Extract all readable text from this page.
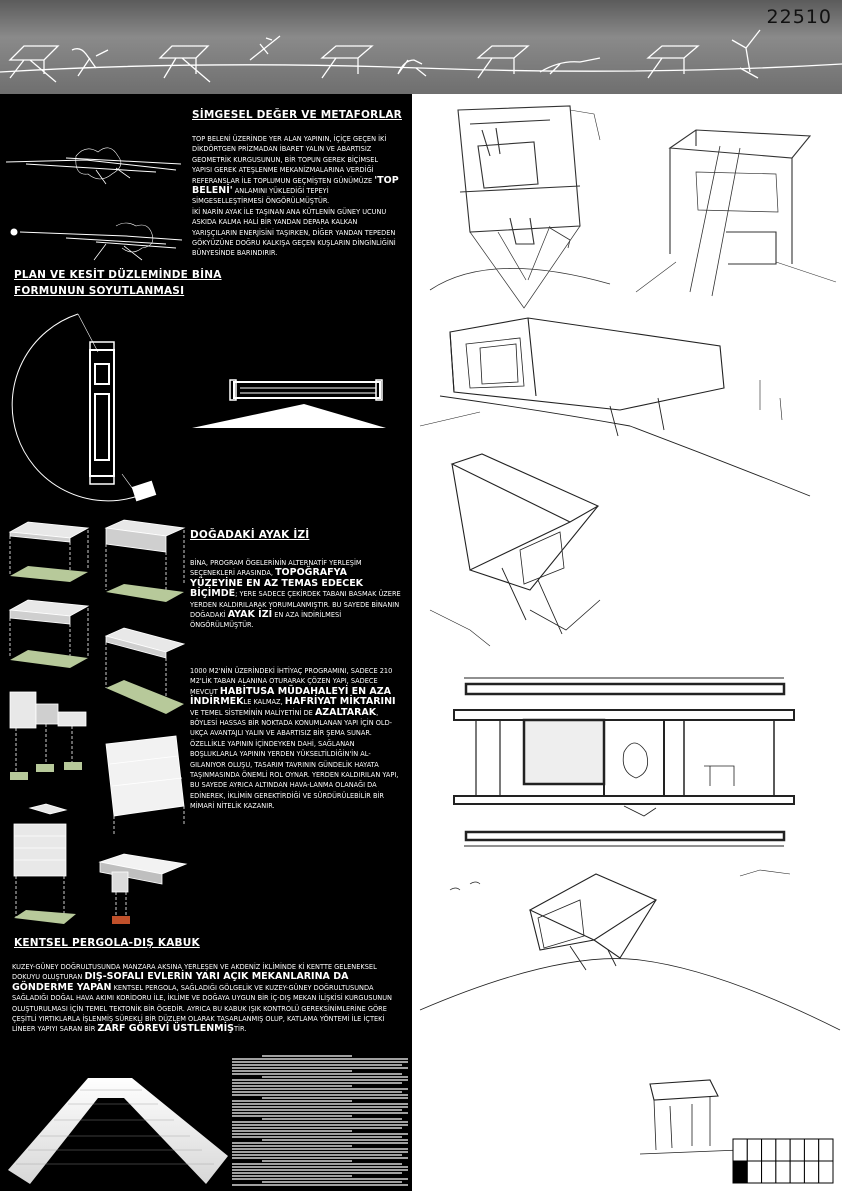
22510
SİMGESEL DEĞER VE METAFORLAR
TOP BELENİ ÜZERİNDE YER ALAN YAPININ, İÇİÇE GEÇEN İKİ DİKDÖRTGEN PRİZMADAN İBARET YALIN VE ABARTISIZ GEOMETRİK KURGUSUNUN, BİR TOPUN GEREK BİÇİMSEL YAPISI GEREK ATEŞLENME MEKANİZMALARINA VERDİĞİ REFERANSLAR İLE TOPLUMUN GEÇMİŞTEN GÜNÜMÜZE 'TOP BELENİ' ANLAMINI YÜKLEDİĞİ TEPEYİ SİMGESELLEŞTİRMESİ ÖNGÖRÜLMÜŞTÜR.
İKİ NARİN AYAK İLE TAŞINAN ANA KÜTLENİN GÜNEY UCUNU ASKIDA KALMA HALİ BİR YANDAN DEPARA KALKAN YARIŞÇILARIN ENERJİSİNİ TAŞIRKEN, DİĞER YANDAN TEPEDEN GÖKYÜZÜNE DOĞRU KALKIŞA GEÇEN KUŞLARIN DİNGİNLİĞİNİ BÜNYESİNDE BARINDIRIR.
PLAN VE KESİT DÜZLEMİNDE BİNA
FORMUNUN SOYUTLANMASI
DOĞADAKİ AYAK İZİ
BİNA, PROGRAM ÖGELERİNİN ALTERNATİF YERLEŞİM SEÇENEKLERİ ARASINDA, TOPOĞRAFYA YÜZEYİNE EN AZ TEMAS EDECEK BİÇİMDE; YERE SADECE ÇEKİRDEK TABANI BASMAK ÜZERE YERDEN KALDIRILARAK YORUMLANMIŞTIR. BU SAYEDE BİNANIN DOĞADAKİ AYAK İZİ EN AZA İNDİRİLMESİ ÖNGÖRÜLMÜŞTÜR.
1000 M2'NİN ÜZERİNDEKİ İHTİYAÇ PROGRAMINI, SADECE 210 M2'LİK TABAN ALANINA OTURARAK ÇÖZEN YAPI, SADECE MEVCUT HABİTUSA MÜDAHALEYİ EN AZA İNDİRMEKLE KALMAZ, HAFRİYAT MİKTARINI VE TEMEL SİSTEMİNİN MALİYETİNİ DE AZALTARAK, BÖYLESİ HASSAS BİR NOKTADA KONUMLANAN YAPI İÇİN OLD-UKÇA AVANTAJLI YALIN VE ABARTISIZ BİR ŞEMA SUNAR. ÖZELLİKLE YAPININ İÇİNDEYKEN DAHİ, SAĞLANAN BOŞLUKLARLA YAPININ YERDEN YÜKSELTİLDİĞİN'İN AL-GILANIYOR OLUŞU, TASARIM TAVRININ GÜNDELİK HAYATA TAŞINMASINDA ÖNEMLİ ROL OYNAR. YERDEN KALDIRILAN YAPI, BU SAYEDE AYRICA ALTINDAN HAVA-LANMA OLANAĞI DA EDİNEREK, İKLİMİN GEREKTİRDİĞİ VE SÜRDÜRÜLEBİLİR BİR MİMARİ NİTELİK KAZANIR.
KENTSEL PERGOLA-DIŞ KABUK
KUZEY-GÜNEY DOĞRULTUSUNDA MANZARA AKSINA YERLEŞEN VE AKDENİZ İKLİMİNDE Kİ KENTTE GELENEKSEL DOKUYU OLUŞTURAN DIŞ-SOFALI EVLERİN YARI AÇIK MEKANLARINA DA GÖNDERME YAPAN KENTSEL PERGOLA, SAĞLADIĞI GÖLGELİK VE KUZEY-GÜNEY DOĞRULTUSUNDA SAĞLADIĞI DOĞAL HAVA AKIMI KORİDORU İLE, İKLİME VE DOĞAYA UYGUN BİR İÇ-DIŞ MEKAN İLİŞKİSİ KURGUSUNUN OLUŞTURULMASI İÇİN TEMEL TEKTONİK BİR ÖGEDİR. AYRICA BU KABUK IŞIK KONTROLÜ GEREKSİNİMLERİNE GÖRE ÇEŞİTLİ YIRTIKLARLA İŞLENMİŞ SÜREKLİ BİR DÜZLEM OLARAK TASARLANMIŞ OLUP, KATLAMA YÖNTEMİ İLE İÇTEKİ LİNEER YAPIYI SARAN BİR ZARF GÖREVİ ÜSTLENMİŞTİR.
